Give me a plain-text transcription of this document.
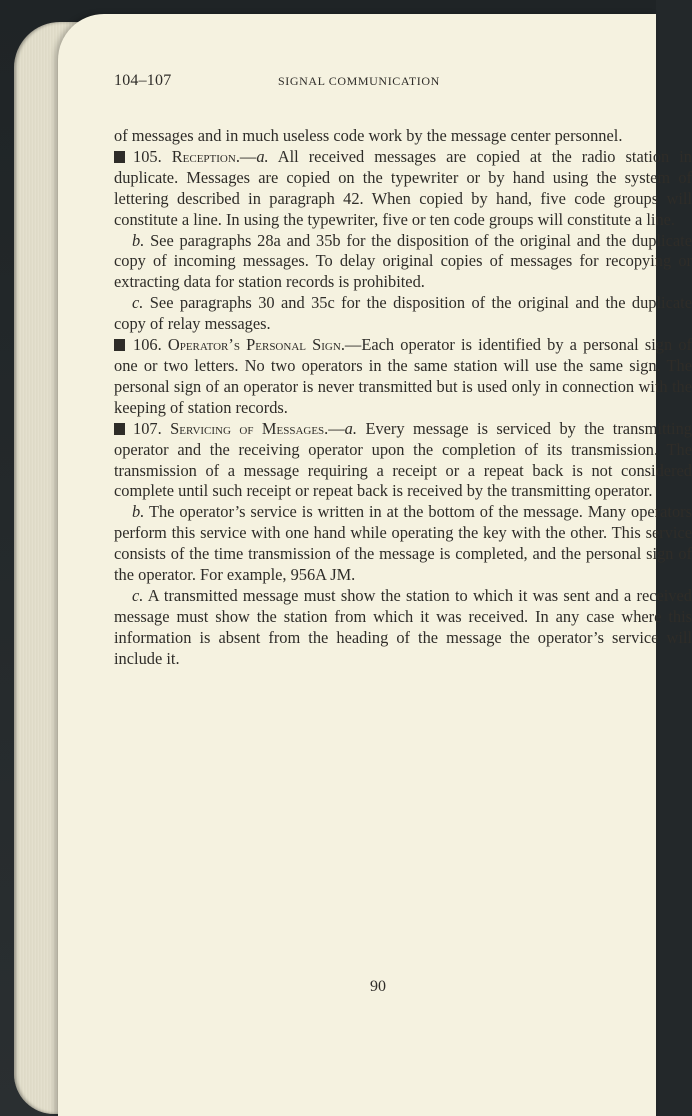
104–107	SIGNAL COMMUNICATION

of messages and in much useless code work by the message center personnel.

105. Reception.—a. All received messages are copied at the radio station in duplicate. Messages are copied on the typewriter or by hand using the system of lettering described in paragraph 42. When copied by hand, five code groups will constitute a line. In using the typewriter, five or ten code groups will constitute a line.

b. See paragraphs 28a and 35b for the disposition of the original and the duplicate copy of incoming messages. To delay original copies of messages for recopying or extracting data for station records is prohibited.

c. See paragraphs 30 and 35c for the disposition of the original and the duplicate copy of relay messages.

106. Operator’s Personal Sign.—Each operator is identified by a personal sign of one or two letters. No two operators in the same station will use the same sign. The personal sign of an operator is never transmitted but is used only in connection with the keeping of station records.

107. Servicing of Messages.—a. Every message is serviced by the transmitting operator and the receiving operator upon the completion of its transmission. The transmission of a message requiring a receipt or a repeat back is not considered complete until such receipt or repeat back is received by the transmitting operator.

b. The operator’s service is written in at the bottom of the message. Many operators perform this service with one hand while operating the key with the other. This service consists of the time transmission of the message is completed, and the personal sign of the operator. For example, 956A JM.

c. A transmitted message must show the station to which it was sent and a received message must show the station from which it was received. In any case where this information is absent from the heading of the message the operator’s service will include it.

90
